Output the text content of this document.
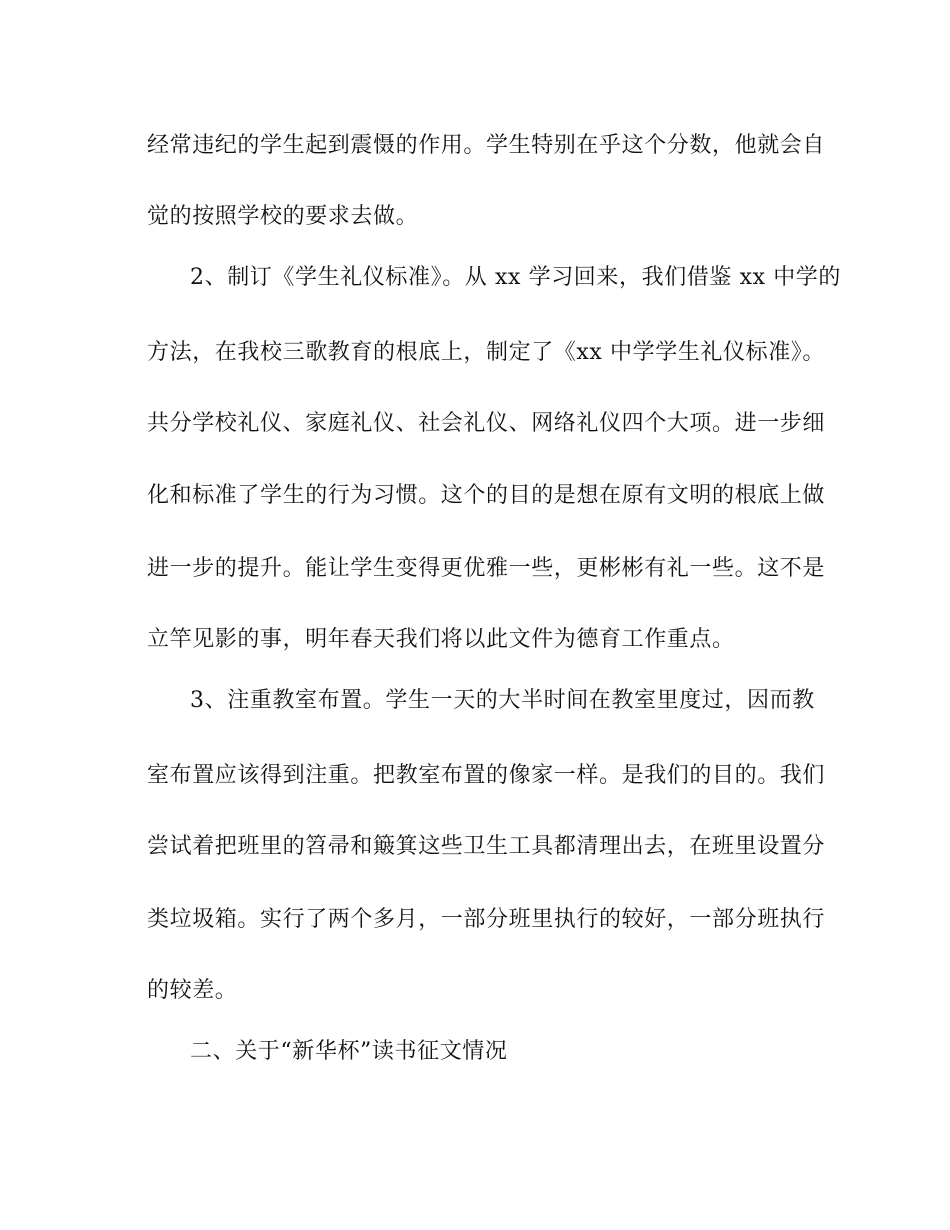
经常违纪的学生起到震慑的作用。学生特别在乎这个分数，他就会自

觉的按照学校的要求去做。

2、制订《学生礼仪标准》。从 xx 学习回来，我们借鉴 xx 中学的

方法，在我校三歌教育的根底上，制定了《xx 中学学生礼仪标准》。

共分学校礼仪、家庭礼仪、社会礼仪、网络礼仪四个大项。进一步细

化和标准了学生的行为习惯。这个的目的是想在原有文明的根底上做

进一步的提升。能让学生变得更优雅一些，更彬彬有礼一些。这不是

立竿见影的事，明年春天我们将以此文件为德育工作重点。

3、注重教室布置。学生一天的大半时间在教室里度过，因而教

室布置应该得到注重。把教室布置的像家一样。是我们的目的。我们

尝试着把班里的笤帚和簸箕这些卫生工具都清理出去，在班里设置分

类垃圾箱。实行了两个多月，一部分班里执行的较好，一部分班执行

的较差。

二、关于“新华杯”读书征文情况
